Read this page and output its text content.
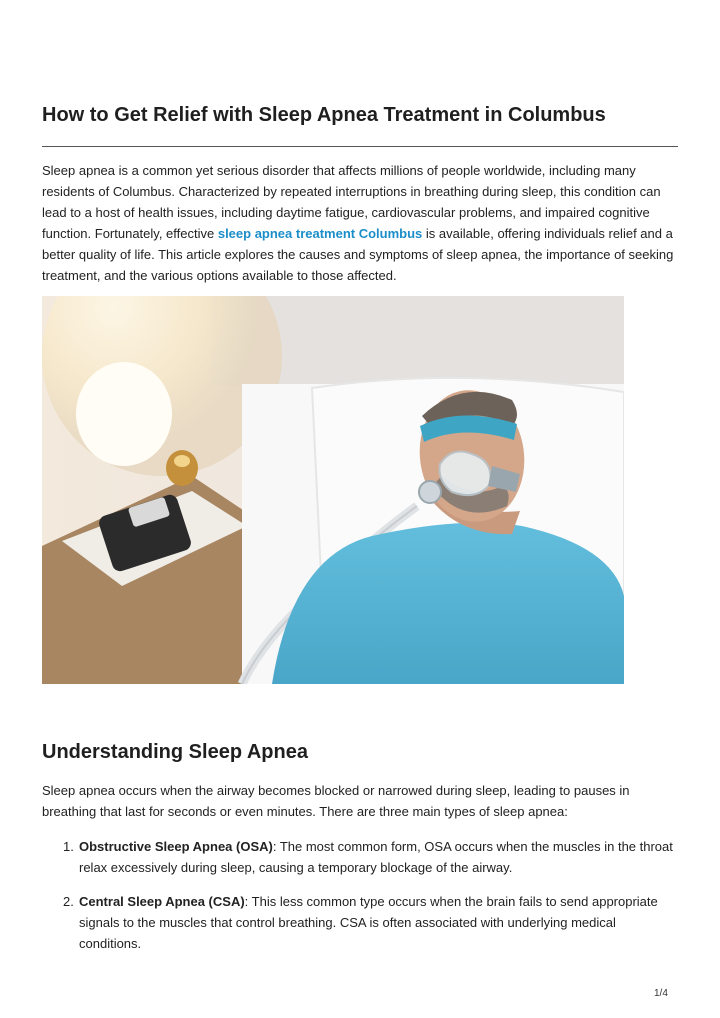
How to Get Relief with Sleep Apnea Treatment in Columbus

Sleep apnea is a common yet serious disorder that affects millions of people worldwide, including many residents of Columbus. Characterized by repeated interruptions in breathing during sleep, this condition can lead to a host of health issues, including daytime fatigue, cardiovascular problems, and impaired cognitive function. Fortunately, effective sleep apnea treatment Columbus is available, offering individuals relief and a better quality of life. This article explores the causes and symptoms of sleep apnea, the importance of seeking treatment, and the various options available to those affected.

Understanding Sleep Apnea

Sleep apnea occurs when the airway becomes blocked or narrowed during sleep, leading to pauses in breathing that last for seconds or even minutes. There are three main types of sleep apnea:

1. Obstructive Sleep Apnea (OSA): The most common form, OSA occurs when the muscles in the throat relax excessively during sleep, causing a temporary blockage of the airway.
2. Central Sleep Apnea (CSA): This less common type occurs when the brain fails to send appropriate signals to the muscles that control breathing. CSA is often associated with underlying medical conditions.
1/4
